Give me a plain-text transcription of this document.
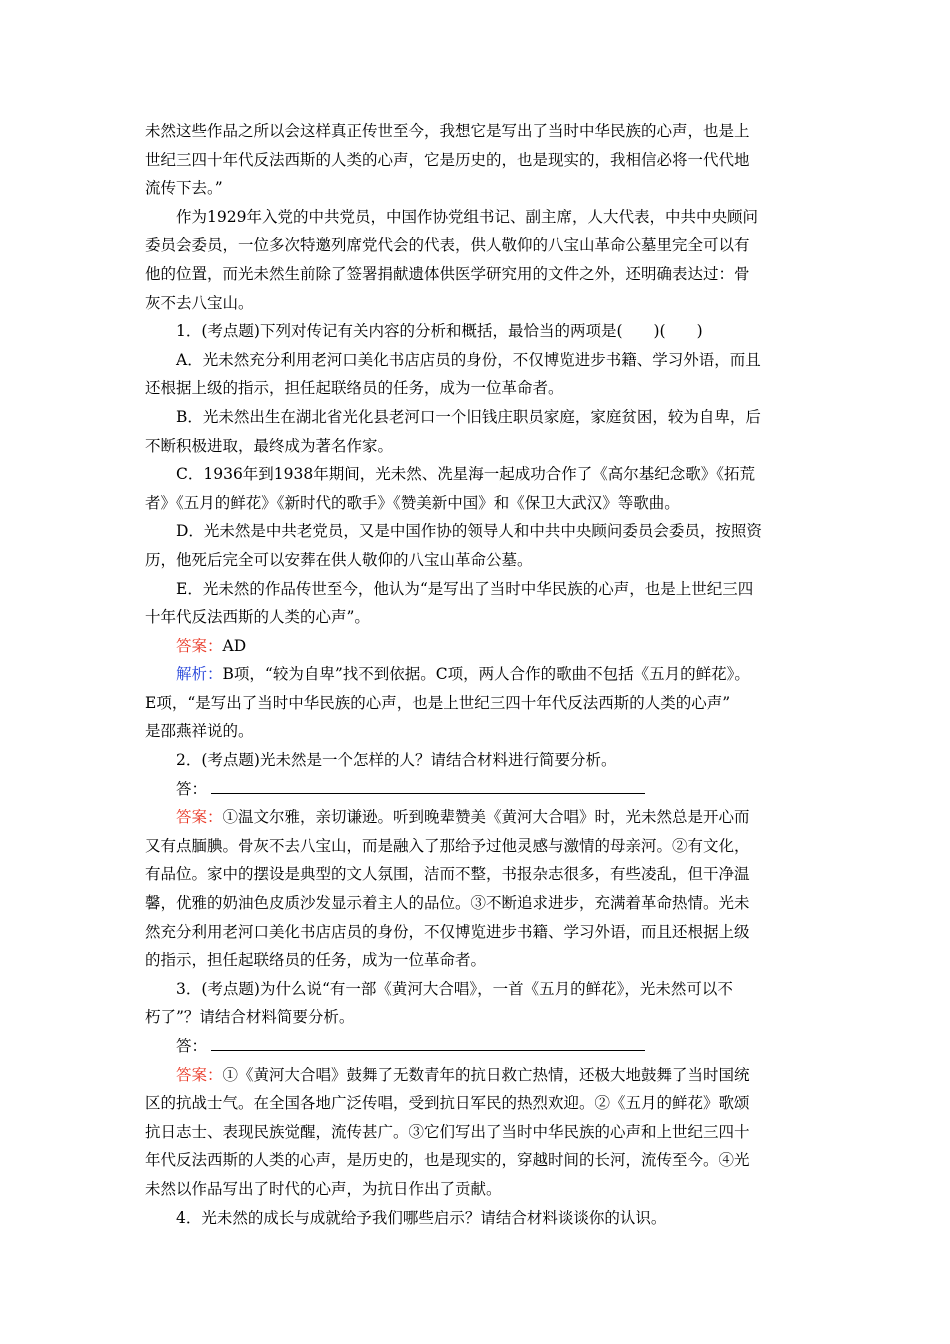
未然这些作品之所以会这样真正传世至今，我想它是写出了当时中华民族的心声，也是上
世纪三四十年代反法西斯的人类的心声，它是历史的，也是现实的，我相信必将一代代地
流传下去。”
作为1929年入党的中共党员，中国作协党组书记、副主席，人大代表，中共中央顾问
委员会委员，一位多次特邀列席党代会的代表，供人敬仰的八宝山革命公墓里完全可以有
他的位置，而光未然生前除了签署捐献遗体供医学研究用的文件之外，还明确表达过：骨
灰不去八宝山。
1．(考点题)下列对传记有关内容的分析和概括，最恰当的两项是(　　)(　　)
A．光未然充分利用老河口美化书店店员的身份，不仅博览进步书籍、学习外语，而且
还根据上级的指示，担任起联络员的任务，成为一位革命者。
B．光未然出生在湖北省光化县老河口一个旧钱庄职员家庭，家庭贫困，较为自卑，后
不断积极进取，最终成为著名作家。
C．1936年到1938年期间，光未然、冼星海一起成功合作了《高尔基纪念歌》《拓荒
者》《五月的鲜花》《新时代的歌手》《赞美新中国》和《保卫大武汉》等歌曲。
D．光未然是中共老党员，又是中国作协的领导人和中共中央顾问委员会委员，按照资
历，他死后完全可以安葬在供人敬仰的八宝山革命公墓。
E．光未然的作品传世至今，他认为“是写出了当时中华民族的心声，也是上世纪三四
十年代反法西斯的人类的心声”。
答案：AD
解析：B项，“较为自卑”找不到依据。C项，两人合作的歌曲不包括《五月的鲜花》。
E项，“是写出了当时中华民族的心声，也是上世纪三四十年代反法西斯的人类的心声”
是邵燕祥说的。
2．(考点题)光未然是一个怎样的人？请结合材料进行简要分析。
答：
答案：①温文尔雅，亲切谦逊。听到晚辈赞美《黄河大合唱》时，光未然总是开心而
又有点腼腆。骨灰不去八宝山，而是融入了那给予过他灵感与激情的母亲河。②有文化，
有品位。家中的摆设是典型的文人氛围，洁而不整，书报杂志很多，有些凌乱，但干净温
馨，优雅的奶油色皮质沙发显示着主人的品位。③不断追求进步，充满着革命热情。光未
然充分利用老河口美化书店店员的身份，不仅博览进步书籍、学习外语，而且还根据上级
的指示，担任起联络员的任务，成为一位革命者。
3．(考点题)为什么说“有一部《黄河大合唱》，一首《五月的鲜花》，光未然可以不
朽了”？请结合材料简要分析。
答：
答案：①《黄河大合唱》鼓舞了无数青年的抗日救亡热情，还极大地鼓舞了当时国统
区的抗战士气。在全国各地广泛传唱，受到抗日军民的热烈欢迎。②《五月的鲜花》歌颂
抗日志士、表现民族觉醒，流传甚广。③它们写出了当时中华民族的心声和上世纪三四十
年代反法西斯的人类的心声，是历史的，也是现实的，穿越时间的长河，流传至今。④光
未然以作品写出了时代的心声，为抗日作出了贡献。
4．光未然的成长与成就给予我们哪些启示？请结合材料谈谈你的认识。
